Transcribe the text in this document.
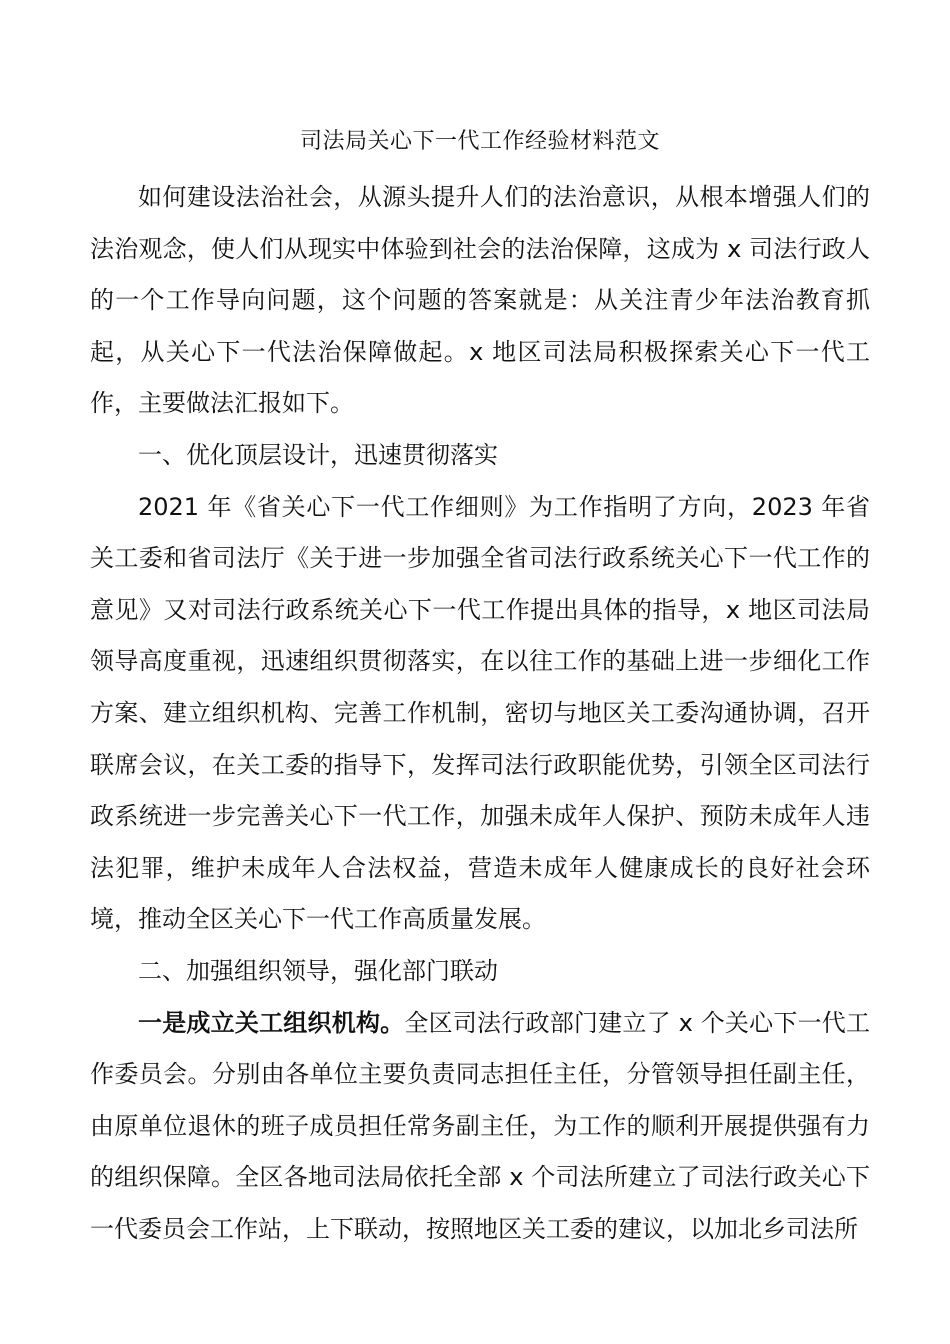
司法局关心下一代工作经验材料范文

如何建设法治社会，从源头提升人们的法治意识，从根本增强人们的法治观念，使人们从现实中体验到社会的法治保障，这成为 x 司法行政人的一个工作导向问题，这个问题的答案就是：从关注青少年法治教育抓起，从关心下一代法治保障做起。x 地区司法局积极探索关心下一代工作，主要做法汇报如下。

一、优化顶层设计，迅速贯彻落实

2021 年《省关心下一代工作细则》为工作指明了方向，2023 年省关工委和省司法厅《关于进一步加强全省司法行政系统关心下一代工作的意见》又对司法行政系统关心下一代工作提出具体的指导，x 地区司法局领导高度重视，迅速组织贯彻落实，在以往工作的基础上进一步细化工作方案、建立组织机构、完善工作机制，密切与地区关工委沟通协调，召开联席会议，在关工委的指导下，发挥司法行政职能优势，引领全区司法行政系统进一步完善关心下一代工作，加强未成年人保护、预防未成年人违法犯罪，维护未成年人合法权益，营造未成年人健康成长的良好社会环境，推动全区关心下一代工作高质量发展。

二、加强组织领导，强化部门联动

一是成立关工组织机构。全区司法行政部门建立了 x 个关心下一代工作委员会。分别由各单位主要负责同志担任主任，分管领导担任副主任，由原单位退休的班子成员担任常务副主任，为工作的顺利开展提供强有力的组织保障。全区各地司法局依托全部 x 个司法所建立了司法行政关心下一代委员会工作站，上下联动，按照地区关工委的建议，以加北乡司法所
